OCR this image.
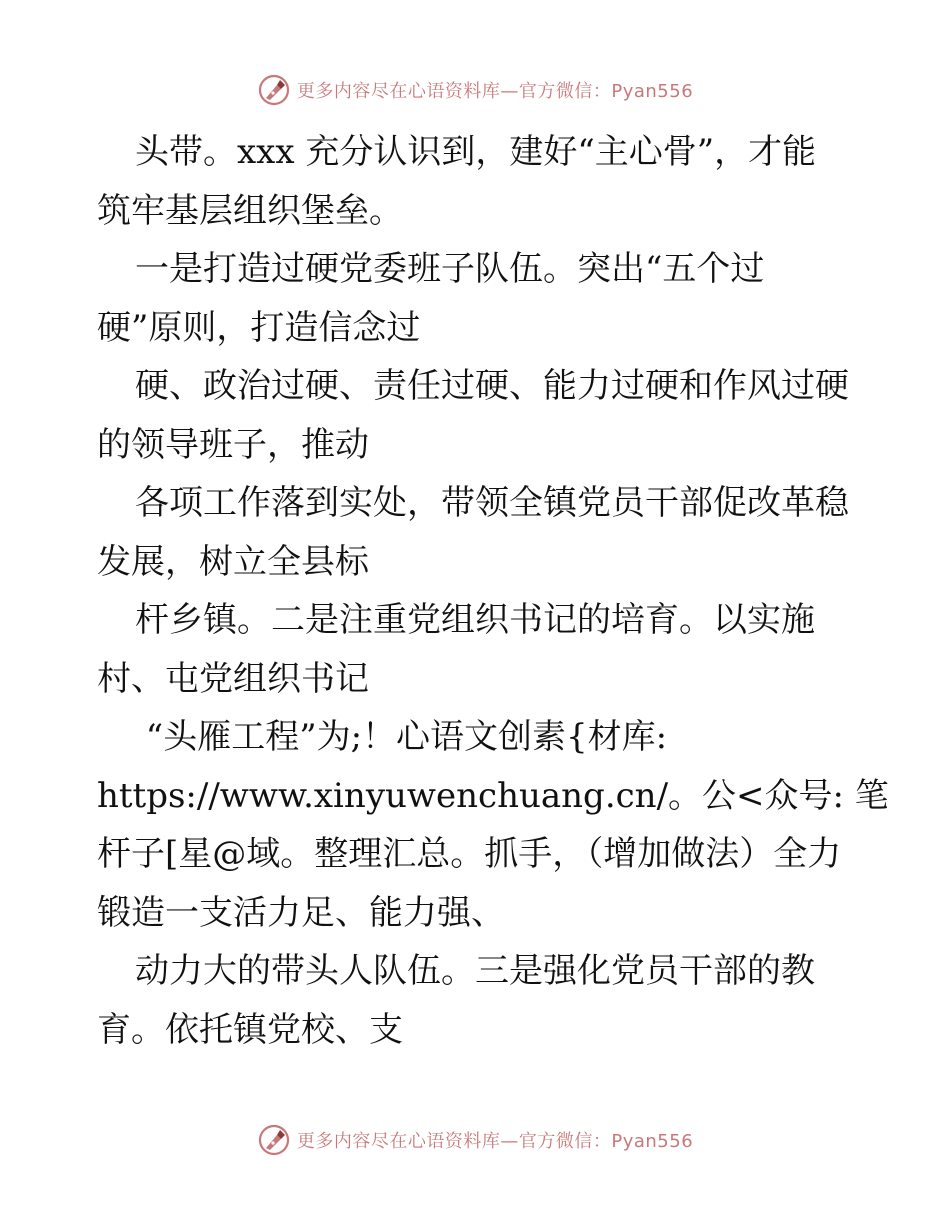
更多内容尽在心语资料库—官方微信：Pyan556
头带。xxx 充分认识到，建好“主心骨”，才能
筑牢基层组织堡垒。
一是打造过硬党委班子队伍。突出“五个过
硬”原则，打造信念过
硬、政治过硬、责任过硬、能力过硬和作风过硬
的领导班子，推动
各项工作落到实处，带领全镇党员干部促改革稳
发展，树立全县标
杆乡镇。二是注重党组织书记的培育。以实施
村、屯党组织书记
“头雁工程”为;！心语文创素{材库:
https://www.xinyuwenchuang.cn/。公<众号: 笔
杆子[星@域。整理汇总。抓手，（增加做法）全力
锻造一支活力足、能力强、
动力大的带头人队伍。三是强化党员干部的教
育。依托镇党校、支
更多内容尽在心语资料库—官方微信：Pyan556
